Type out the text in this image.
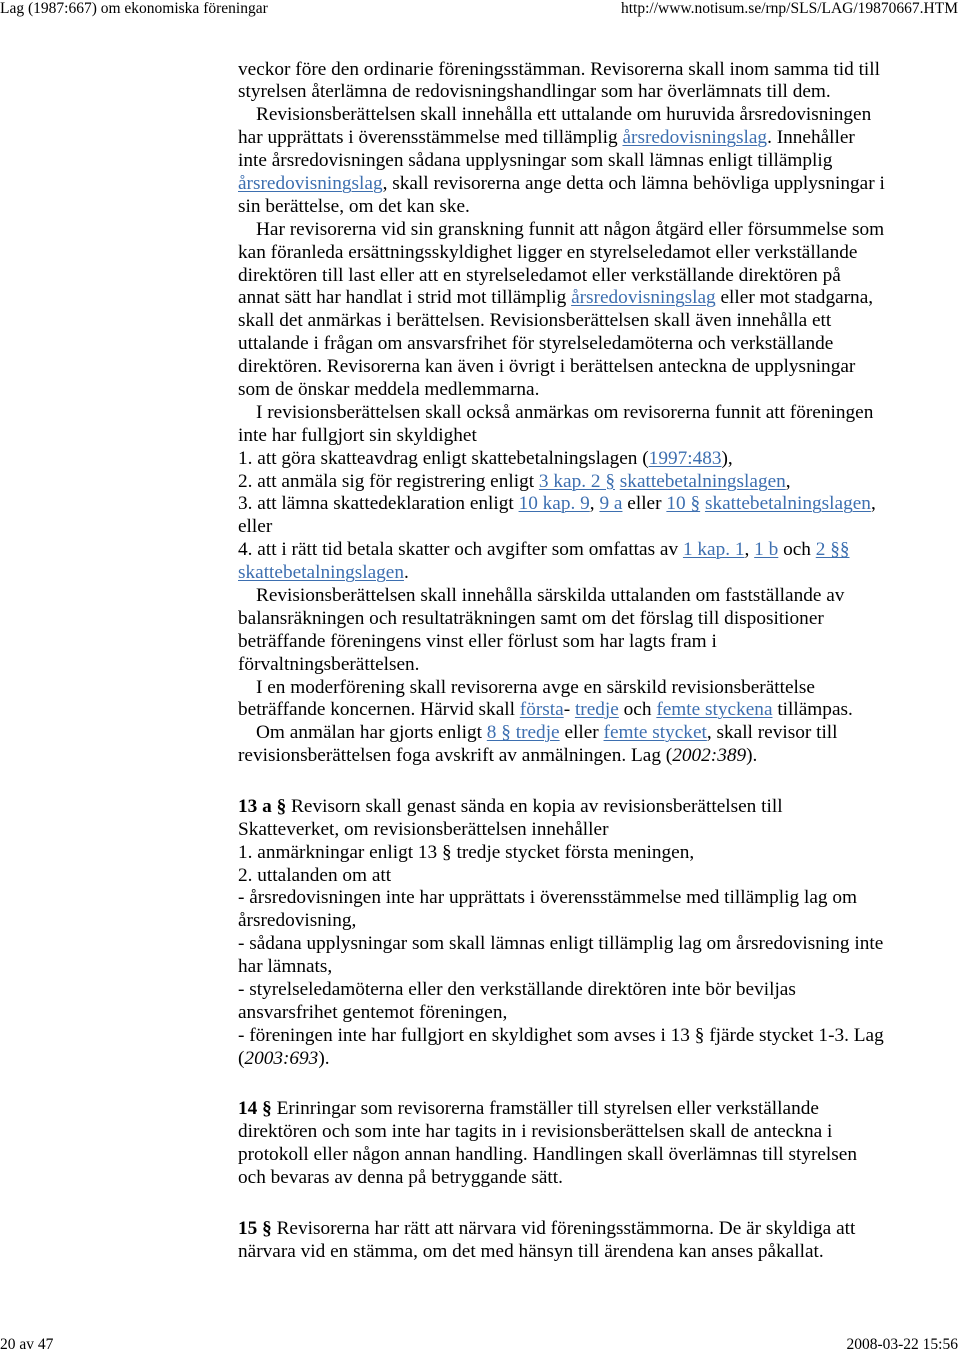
Lag (1987:667) om ekonomiska föreningar	http://www.notisum.se/rnp/SLS/LAG/19870667.HTM
veckor före den ordinarie föreningsstämman. Revisorerna skall inom samma tid till
styrelsen återlämna de redovisningshandlingar som har överlämnats till dem.
Revisionsberättelsen skall innehålla ett uttalande om huruvida årsredovisningen
har upprättats i överensstämmelse med tillämplig årsredovisningslag. Innehåller
inte årsredovisningen sådana upplysningar som skall lämnas enligt tillämplig
årsredovisningslag, skall revisorerna ange detta och lämna behövliga upplysningar i
sin berättelse, om det kan ske.
Har revisorerna vid sin granskning funnit att någon åtgärd eller försummelse som
kan föranleda ersättningsskyldighet ligger en styrelseledamot eller verkställande
direktören till last eller att en styrelseledamot eller verkställande direktören på
annat sätt har handlat i strid mot tillämplig årsredovisningslag eller mot stadgarna,
skall det anmärkas i berättelsen. Revisionsberättelsen skall även innehålla ett
uttalande i frågan om ansvarsfrihet för styrelseledamöterna och verkställande
direktören. Revisorerna kan även i övrigt i berättelsen anteckna de upplysningar
som de önskar meddela medlemmarna.
I revisionsberättelsen skall också anmärkas om revisorerna funnit att föreningen
inte har fullgjort sin skyldighet
1. att göra skatteavdrag enligt skattebetalningslagen (1997:483),
2. att anmäla sig för registrering enligt 3 kap. 2 § skattebetalningslagen,
3. att lämna skattedeklaration enligt 10 kap. 9, 9 a eller 10 § skattebetalningslagen,
eller
4. att i rätt tid betala skatter och avgifter som omfattas av 1 kap. 1, 1 b och 2 §§
skattebetalningslagen.
Revisionsberättelsen skall innehålla särskilda uttalanden om fastställande av
balansräkningen och resultaträkningen samt om det förslag till dispositioner
beträffande föreningens vinst eller förlust som har lagts fram i
förvaltningsberättelsen.
I en moderförening skall revisorerna avge en särskild revisionsberättelse
beträffande koncernen. Härvid skall första- tredje och femte styckena tillämpas.
Om anmälan har gjorts enligt 8 § tredje eller femte stycket, skall revisor till
revisionsberättelsen foga avskrift av anmälningen. Lag (2002:389).
13 a § Revisorn skall genast sända en kopia av revisionsberättelsen till
Skatteverket, om revisionsberättelsen innehåller
1. anmärkningar enligt 13 § tredje stycket första meningen,
2. uttalanden om att
- årsredovisningen inte har upprättats i överensstämmelse med tillämplig lag om
årsredovisning,
- sådana upplysningar som skall lämnas enligt tillämplig lag om årsredovisning inte
har lämnats,
- styrelseledamöterna eller den verkställande direktören inte bör beviljas
ansvarsfrihet gentemot föreningen,
- föreningen inte har fullgjort en skyldighet som avses i 13 § fjärde stycket 1-3. Lag
(2003:693).
14 § Erinringar som revisorerna framställer till styrelsen eller verkställande
direktören och som inte har tagits in i revisionsberättelsen skall de anteckna i
protokoll eller någon annan handling. Handlingen skall överlämnas till styrelsen
och bevaras av denna på betryggande sätt.
15 § Revisorerna har rätt att närvara vid föreningsstämmorna. De är skyldiga att
närvara vid en stämma, om det med hänsyn till ärendena kan anses påkallat.
20 av 47	2008-03-22 15:56
